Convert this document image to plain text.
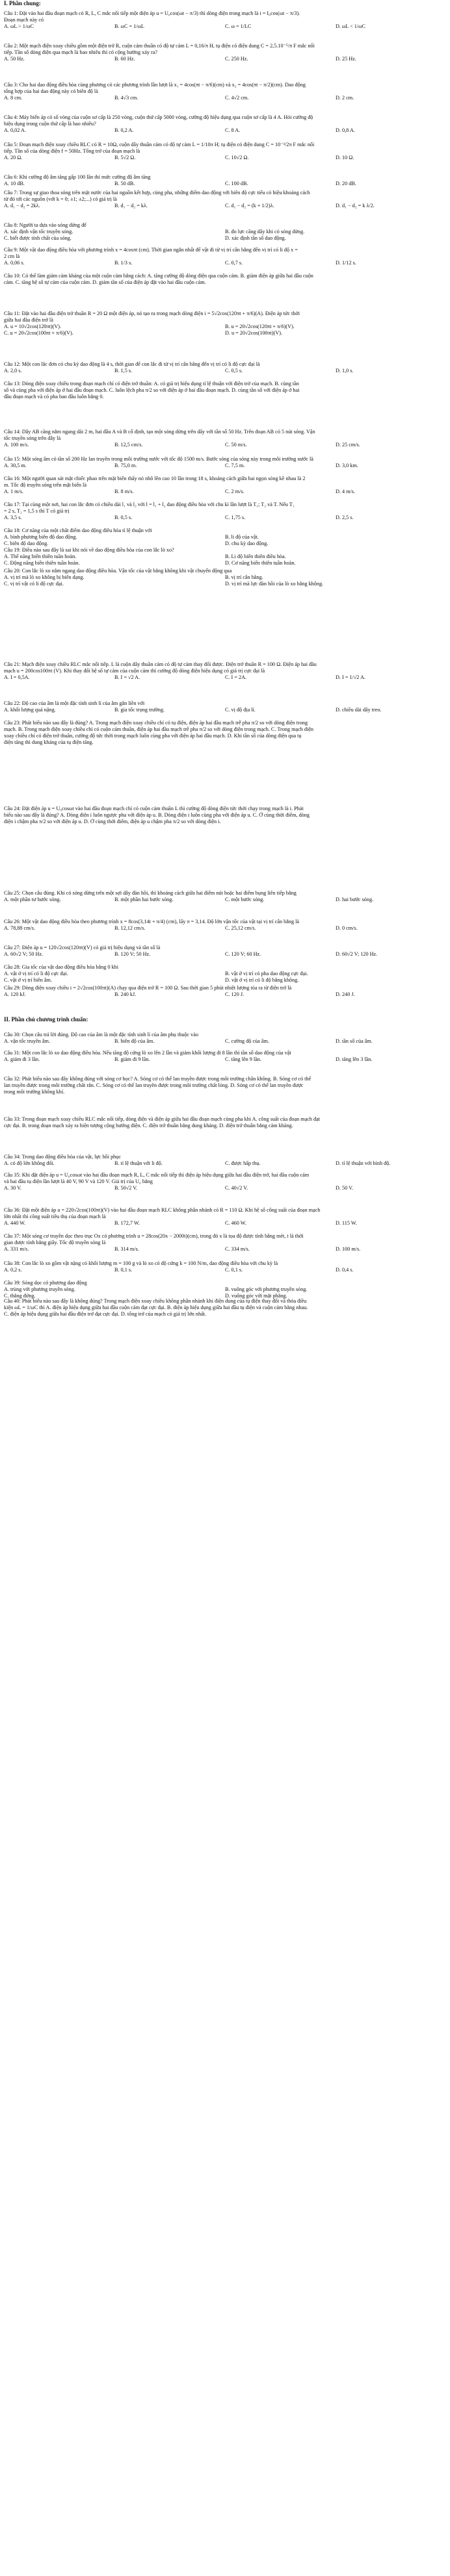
I. Phần chung:
Câu 1: Đặt vào hai đầu đoạn mạch có R, L, C mắc nối tiếp một điện áp u = U₀cos(ωt − π/3) thì dòng điện trong mạch là i = I₀cos(ωt − π/3).
Đoạn mạch này có
A. ωL > 1/ωC	B. ωC = 1/ωL	C. ω = 1/LC	D. ωL < 1/ωC
Câu 2: Một mạch điện xoay chiều gồm một điện trở R, cuộn cảm thuần có độ tự cảm L = 0,16/π H, tụ điện có điện dung C = 2,5.10⁻⁵/π F mắc nối
tiếp. Tần số dòng điện qua mạch là bao nhiêu thì có cộng hưởng xảy ra?
A. 50 Hz.	B. 60 Hz.	C. 250 Hz.	D. 25 Hz.
Câu 3: Cho hai dao động điều hòa cùng phương có các phương trình lần lượt là x₁ = 4cos(πt − π/6)(cm) và x₂ = 4cos(πt − π/2)(cm). Dao động
tổng hợp của hai dao động này có biên độ là
A. 8 cm.	B. 4√3 cm.	C. 4√2 cm.	D. 2 cm.
Câu 4: Máy biến áp có số vòng của cuộn sơ cấp là 250 vòng, cuộn thứ cấp 5000 vòng, cường độ hiệu dụng qua cuộn sơ cấp là 4 A. Hỏi cường độ
hiệu dụng trong cuộn thứ cấp là bao nhiêu?
A. 0,02 A.	B. 0,2 A.	C. 8 A.	D. 0,8 A.
Câu 5: Đoạn mạch điện xoay chiều RLC có R = 10Ω, cuộn dây thuần cảm có độ tự cảm L = 1/10π H; tụ điện có điện dung C = 10⁻³/2π F mắc nối
tiếp. Tần số của dòng điện f = 50Hz. Tổng trở của đoạn mạch là
A. 20 Ω.	B. 5√2 Ω.	C. 10√2 Ω.	D. 10 Ω.
Câu 6: Khi cường độ âm tăng gấp 100 lần thì mức cường độ âm tăng
A. 10 dB.	B. 50 dB.	C. 100 dB.	D. 20 dB.
Câu 7: Trong sự giao thoa sóng trên mặt nước của hai nguồn kết hợp, cùng pha, những điểm dao động với biên độ cực tiểu có hiệu khoảng cách
từ đó tới các nguồn (với k = 0; ±1; ±2;...) có giá trị là
A. d₁ − d₂ = 2kλ.	B. d₁ − d₂ = kλ.	C. d₁ − d₂ = (k + 1/2)λ.	D. d₁ − d₂ = k λ/2.
Câu 8: Người ta dựa vào sóng dừng để
A. xác định vận tốc truyền sóng.	B. đo lực căng dây khi có sóng dừng.
C. biết được tính chất của sóng.	D. xác định tần số dao động.
Câu 9: Một vật dao động điều hòa với phương trình x = 4cosπt (cm). Thời gian ngắn nhất để vật đi từ vị trí cân bằng đến vị trí có li độ x =
2 cm là
A. 0,06 s.	B. 1/3 s.	C. 0,7 s.	D. 1/12 s.
Câu 10: Có thể làm giảm cảm kháng của một cuộn cảm bằng cách: A. tăng cường độ dòng điện qua cuộn cảm. B. giảm điện áp giữa hai đầu cuộn
cảm. C. tăng hệ số tự cảm của cuộn cảm. D. giảm tần số của điện áp đặt vào hai đầu cuộn cảm.
Câu 11: Đặt vào hai đầu điện trở thuần R = 20 Ω một điện áp, nó tạo ra trong mạch dòng điện i = 5√2cos(120πt + π/6)(A). Điện áp tức thời
giữa hai đầu điện trở là
A. u = 10√2cos(120πt)(V).	B. u = 20√2cos(120πt + π/6)(V).
C. u = 20√2cos(100πt + π/6)(V).	D. u = 20√2cos(100πt)(V).
Câu 12: Một con lắc đơn có chu kỳ dao động là 4 s, thời gian để con lắc đi từ vị trí cân bằng đến vị trí có li độ cực đại là
A. 2,0 s.	B. 1,5 s.	C. 0,5 s.	D. 1,0 s.
Câu 13: Dòng điện xoay chiều trong đoạn mạch chỉ có điện trở thuần: A. có giá trị hiệu dụng tỉ lệ thuận với điện trở của mạch. B. cùng tần
số và cùng pha với điện áp ở hai đầu đoạn mạch. C. luôn lệch pha π/2 so với điện áp ở hai đầu đoạn mạch. D. cùng tần số với điện áp ở hai
đầu đoạn mạch và có pha ban đầu luôn bằng 0.
Câu 14: Dây AB căng nằm ngang dài 2 m, hai đầu A và B cố định, tạo một sóng dừng trên dây với tần số 50 Hz. Trên đoạn AB có 5 nút sóng. Vận
tốc truyền sóng trên dây là
A. 100 m/s.	B. 12,5 cm/s.	C. 50 m/s.	D. 25 cm/s.
Câu 15: Một sóng âm có tần số 200 Hz lan truyền trong môi trường nước với tốc độ 1500 m/s. Bước sóng của sóng này trong môi trường nước là
A. 30,5 m.	B. 75,0 m.	C. 7,5 m.	D. 3,0 km.
Câu 16: Một người quan sát mặt chiếc phao trên mặt biển thấy nó nhô lên cao 10 lần trong 18 s, khoảng cách giữa hai ngọn sóng kề nhau là 2
m. Tốc độ truyền sóng trên mặt biển là
A. 1 m/s.	B. 8 m/s.	C. 2 m/s.	D. 4 m/s.
Câu 17: Tại cùng một nơi, hai con lắc đơn có chiều dài l₁ và l₂ với l = l₁ + l₂ dao động điều hòa với chu kì lần lượt là T₁; T₂ và T. Nếu T₁
= 2 s, T₂ = 1,5 s thì T có giá trị
A. 3,5 s.	B. 0,5 s.	C. 1,75 s.	D. 2,5 s.
Câu 18: Cơ năng của một chất điểm dao động điều hòa tỉ lệ thuận với
A. bình phương biên độ dao động.	B. li độ của vật.
C. biên độ dao động.	D. chu kỳ dao động.
Câu 19: Điều nào sau đây là sai khi nói về dao động điều hòa của con lắc lò xo?
A. Thế năng biến thiên tuần hoàn.	B. Li độ biến thiên điều hòa.
C. Động năng biến thiên tuần hoàn.	D. Cơ năng biến thiên tuần hoàn.
Câu 20: Con lắc lò xo nằm ngang dao động điều hòa. Vận tốc của vật bằng không khi vật chuyển động qua
A. vị trí mà lò xo không bị biến dạng.	B. vị trí cân bằng.
C. vị trí vật có li độ cực đại.	D. vị trí mà lực đàn hồi của lò xo bằng không.
Câu 21: Mạch điện xoay chiều RLC mắc nối tiếp. L là cuộn dây thuần cảm có độ tự cảm thay đổi được. Điện trở thuần R = 100 Ω. Điện áp hai đầu
mạch u = 200cos100πt (V). Khi thay đổi hệ số tự cảm của cuộn cảm thì cường độ dòng điện hiệu dụng có giá trị cực đại là
A. I = 0,5A.	B. I = √2 A.	C. I = 2A.	D. I = 1/√2 A.
Câu 22: Độ cao của âm là một đặc tính sinh lí của âm gắn liền với
A. khối lượng quá nặng.	B. gia tốc trọng trường.	C. vị độ địa lí.	D. chiều dài dây treo.
Câu 23: Phát biểu nào sau đây là đúng? A. Trong mạch điện xoay chiều chỉ có tụ điện, điện áp hai đầu mạch trễ pha π/2 so với dòng điện trong
mạch. B. Trong mạch điện xoay chiều chỉ có cuộn cảm thuần, điện áp hai đầu mạch trễ pha π/2 so với dòng điện trong mạch. C. Trong mạch điện
xoay chiều chỉ có điện trở thuần, cường độ tức thời trong mạch luôn cùng pha với điện áp hai đầu mạch. D. Khi tần số của dòng điện qua tụ
điện tăng thì dung kháng của tụ điện tăng.
Câu 24: Đặt điện áp u = U₀cosωt vào hai đầu đoạn mạch chỉ có cuộn cảm thuần L thì cường độ dòng điện tức thời chạy trong mạch là i. Phát
biểu nào sau đây là đúng? A. Dòng điện i luôn ngược pha với điện áp u. B. Dòng điện i luôn cùng pha với điện áp u. C. Ở cùng thời điểm, dòng
điện i chậm pha π/2 so với điện áp u. D. Ở cùng thời điểm, điện áp u chậm pha π/2 so với dòng điện i.
Câu 25: Chọn câu đúng. Khi có sóng dừng trên một sợi dây đàn hồi, thì khoảng cách giữa hai điểm nút hoặc hai điểm bụng liên tiếp bằng
A. một phần tư bước sóng.	B. một phần hai bước sóng.	C. một bước sóng.	D. hai bước sóng.
Câu 26: Một vật dao động điều hòa theo phương trình x = 8cos(3,14t + π/4) (cm), lấy π = 3,14. Độ lớn vận tốc của vật tại vị trí cân bằng là
A. 78,88 cm/s.	B. 12,12 cm/s.	C. 25,12 cm/s.	D. 0 cm/s.
Câu 27: Điện áp u = 120√2cos(120πt)(V) có giá trị hiệu dụng và tần số là
A. 60√2 V; 50 Hz.	B. 120 V; 50 Hz.	C. 120 V; 60 Hz.	D. 60√2 V; 120 Hz.
Câu 28: Gia tốc của vật dao động điều hòa bằng 0 khi
A. vật ở vị trí có li độ cực đại.	B. vật ở vị trí có pha dao động cực đại.
C. vật ở vị trí biên âm.	D. vật ở vị trí có li độ bằng không.
Câu 29: Dòng điện xoay chiều i = 2√2cos(100πt)(A) chạy qua điện trở R = 100 Ω. Sau thời gian 5 phút nhiệt lượng tỏa ra từ điện trở là
A. 120 kJ.	B. 240 kJ.	C. 120 J.	D. 240 J.
Câu 30: Chọn câu trả lời đúng. Độ cao của âm là một đặc tính sinh lí của âm phụ thuộc vào
A. vận tốc truyền âm.	B. biên độ của âm.	C. cường độ của âm.	D. tần số của âm.
Câu 31: Một con lắc lò xo dao động điều hòa. Nếu tăng độ cứng lò xo lên 2 lần và giảm khối lượng đi 8 lần thì tần số dao động của vật
A. giảm đi 3 lần.	B. giảm đi 9 lần.	C. tăng lên 9 lần.	D. tăng lên 3 lần.
Câu 32: Phát biểu nào sau đây không đúng với sóng cơ học? A. Sóng cơ có thể lan truyền được trong môi trường chân không. B. Sóng cơ có thể
lan truyền được trong môi trường chất rắn. C. Sóng cơ có thể lan truyền được trong môi trường chất lỏng. D. Sóng cơ có thể lan truyền được
trong môi trường không khí.
Câu 33: Trong đoạn mạch xoay chiều RLC mắc nối tiếp, dòng điện và điện áp giữa hai đầu đoạn mạch cùng pha khi A. công suất của đoạn mạch đạt
cực đại. B. trong đoạn mạch xảy ra hiện tượng cộng hưởng điện. C. điện trở thuần bằng dung kháng. D. điện trở thuần bằng cảm kháng.
Câu 34: Trong dao động điều hòa của vật, lực hồi phục
A. có độ lớn không đổi.	B. tỉ lệ thuận với li độ.	C. được hấp thụ.	D. tỉ lệ thuận với bình độ.
Câu 35: Khi đặt điện áp u = U₀cosωt vào hai đầu đoạn mạch R, L, C mắc nối tiếp thì điện áp hiệu dụng giữa hai đầu điện trở, hai đầu cuộn cảm
và hai đầu tụ điện lần lượt là 40 V, 90 V và 120 V. Giá trị của U₀ bằng
A. 30 V.	B. 50√2 V.	C. 40√2 V.	D. 50 V.
Câu 36: Đặt một điện áp u = 220√2cos(100πt)(V) vào hai đầu đoạn mạch RLC không phân nhánh có R = 110 Ω. Khi hệ số công suất của đoạn mạch
lớn nhất thì công suất tiêu thụ của đoạn mạch là
A. 440 W.	B. 172,7 W.	C. 460 W.	D. 115 W.
Câu 37: Một sóng cơ truyền dọc theo trục Ox có phương trình u = 28cos(20x − 2000t)(cm), trong đó x là tọa độ được tính bằng mét, t là thời
gian được tính bằng giây. Tốc độ truyền sóng là
A. 331 m/s.	B. 314 m/s.	C. 334 m/s.	D. 100 m/s.
Câu 38: Con lắc lò xo gồm vật nặng có khối lượng m = 100 g và lò xo có độ cứng k = 100 N/m, dao động điều hòa với chu kỳ là
A. 0,2 s.	B. 0,1 s.	C. 0,1 s.	D. 0,4 s.
Câu 39: Sóng dọc có phương dao động
A. trùng với phương truyền sóng.	B. vuông góc với phương truyền sóng.
C. thẳng đứng.	D. vuông góc với mặt phẳng.
Câu 40: Phát biểu nào sau đây là không đúng? Trong mạch điện xoay chiều không phân nhánh khi điện dung của tụ điện thay đổi và thỏa điều
kiện ωL = 1/ωC thì A. điện áp hiệu dụng giữa hai đầu cuộn cảm đạt cực đại. B. điện áp hiệu dụng giữa hai đầu tụ điện và cuộn cảm bằng nhau.
C. điện áp hiệu dụng giữa hai đầu điện trở đạt cực đại. D. tổng trở của mạch có giá trị lớn nhất.
II. Phần chủ chương trình chuẩn:
